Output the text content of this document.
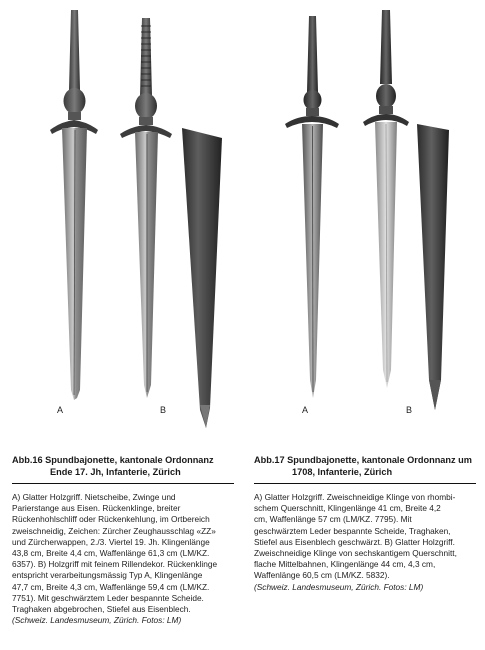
A	B	A	B
Abb.16 Spundbajonette, kantonale Ordonnanz
Ende 17. Jh, Infanterie, Zürich

A) Glatter Holzgriff. Nietscheibe, Zwinge und

Parierstange aus Eisen. Rückenklinge, breiter

Rückenhohlschliff oder Rückenkehlung, im Ortbereich

zweischneidig, Zeichen: Zürcher Zeughausschlag «ZZ»

und Zürcherwappen, 2./3. Viertel 19. Jh. Klingenlänge

43,8 cm, Breite 4,4 cm, Waffenlänge 61,3 cm (LM/KZ.

6357). B) Holzgriff mit feinem Rillendekor. Rückenklinge

entspricht verarbeitungsmässig Typ A, Klingenlänge

47,7 cm, Breite 4,3 cm, Waffenlänge 59,4 cm (LM/KZ.

7751). Mit geschwärztem Leder bespannte Scheide.

Traghaken abgebrochen, Stiefel aus Eisenblech.

(Schweiz. Landesmuseum, Zürich. Fotos: LM)

Abb.17 Spundbajonette, kantonale Ordonnanz um
1708, Infanterie, Zürich

A) Glatter Holzgriff. Zweischneidige Klinge von rhombi-

schem Querschnitt, Klingenlänge 41 cm, Breite 4,2

cm, Waffenlänge 57 cm (LM/KZ. 7795). Mit

geschwärztem Leder bespannte Scheide, Traghaken,

Stiefel aus Eisenblech geschwärzt. B) Glatter Holzgriff.

Zweischneidige Klinge von sechskantigem Querschnitt,

flache Mittelbahnen, Klingenlänge 44 cm, 4,3 cm,

Waffenlänge 60,5 cm (LM/KZ. 5832).

(Schweiz. Landesmuseum, Zürich. Fotos: LM)
